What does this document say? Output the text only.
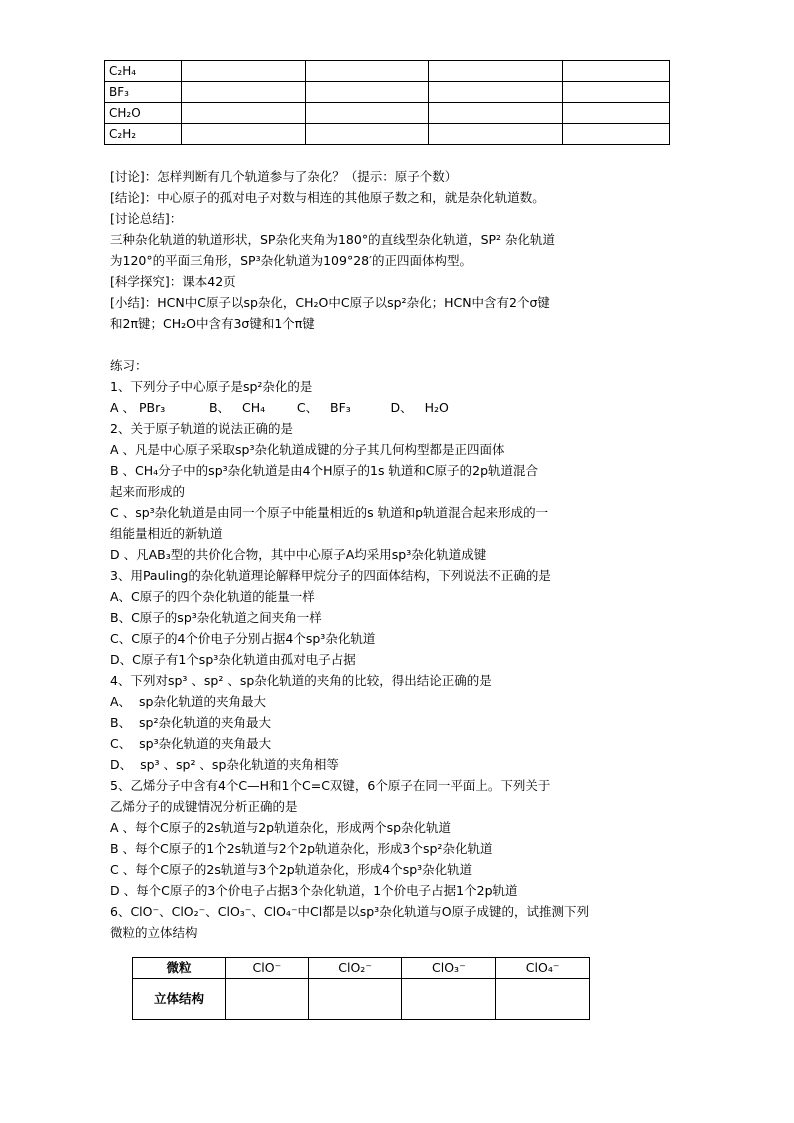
C₂H₄				
BF₃				
CH₂O				
C₂H₂				
[讨论]：怎样判断有几个轨道参与了杂化？（提示：原子个数）
[结论]：中心原子的孤对电子对数与相连的其他原子数之和，就是杂化轨道数。
[讨论总结]：
三种杂化轨道的轨道形状，SP杂化夹角为180°的直线型杂化轨道，SP² 杂化轨道
为120°的平面三角形，SP³杂化轨道为109°28′的正四面体构型。
[科学探究]：课本42页
[小结]：HCN中C原子以sp杂化，CH₂O中C原子以sp²杂化；HCN中含有2个σ键
和2π键；CH₂O中含有3σ键和1个π键
练习：
1、下列分子中心原子是sp²杂化的是
A 、 PBr₃           B、   CH₄        C、   BF₃          D、   H₂O
2、关于原子轨道的说法正确的是
A 、凡是中心原子采取sp³杂化轨道成键的分子其几何构型都是正四面体
B 、CH₄分子中的sp³杂化轨道是由4个H原子的1s 轨道和C原子的2p轨道混合
起来而形成的
C 、sp³杂化轨道是由同一个原子中能量相近的s 轨道和p轨道混合起来形成的一
组能量相近的新轨道
D 、凡AB₃型的共价化合物，其中中心原子A均采用sp³杂化轨道成键
3、用Pauling的杂化轨道理论解释甲烷分子的四面体结构，下列说法不正确的是
A、C原子的四个杂化轨道的能量一样
B、C原子的sp³杂化轨道之间夹角一样
C、C原子的4个价电子分别占据4个sp³杂化轨道
D、C原子有1个sp³杂化轨道由孤对电子占据
4、下列对sp³ 、sp² 、sp杂化轨道的夹角的比较，得出结论正确的是
A、  sp杂化轨道的夹角最大
B、  sp²杂化轨道的夹角最大
C、  sp³杂化轨道的夹角最大
D、  sp³ 、sp² 、sp杂化轨道的夹角相等
5、乙烯分子中含有4个C—H和1个C=C双键，6个原子在同一平面上。下列关于
乙烯分子的成键情况分析正确的是
A 、每个C原子的2s轨道与2p轨道杂化，形成两个sp杂化轨道
B 、每个C原子的1个2s轨道与2个2p轨道杂化，形成3个sp²杂化轨道
C 、每个C原子的2s轨道与3个2p轨道杂化，形成4个sp³杂化轨道
D 、每个C原子的3个价电子占据3个杂化轨道，1个价电子占据1个2p轨道
6、ClO⁻、ClO₂⁻、ClO₃⁻、ClO₄⁻中Cl都是以sp³杂化轨道与O原子成键的，试推测下列
微粒的立体结构
微粒	ClO⁻	ClO₂⁻	ClO₃⁻	ClO₄⁻
立体结构				
